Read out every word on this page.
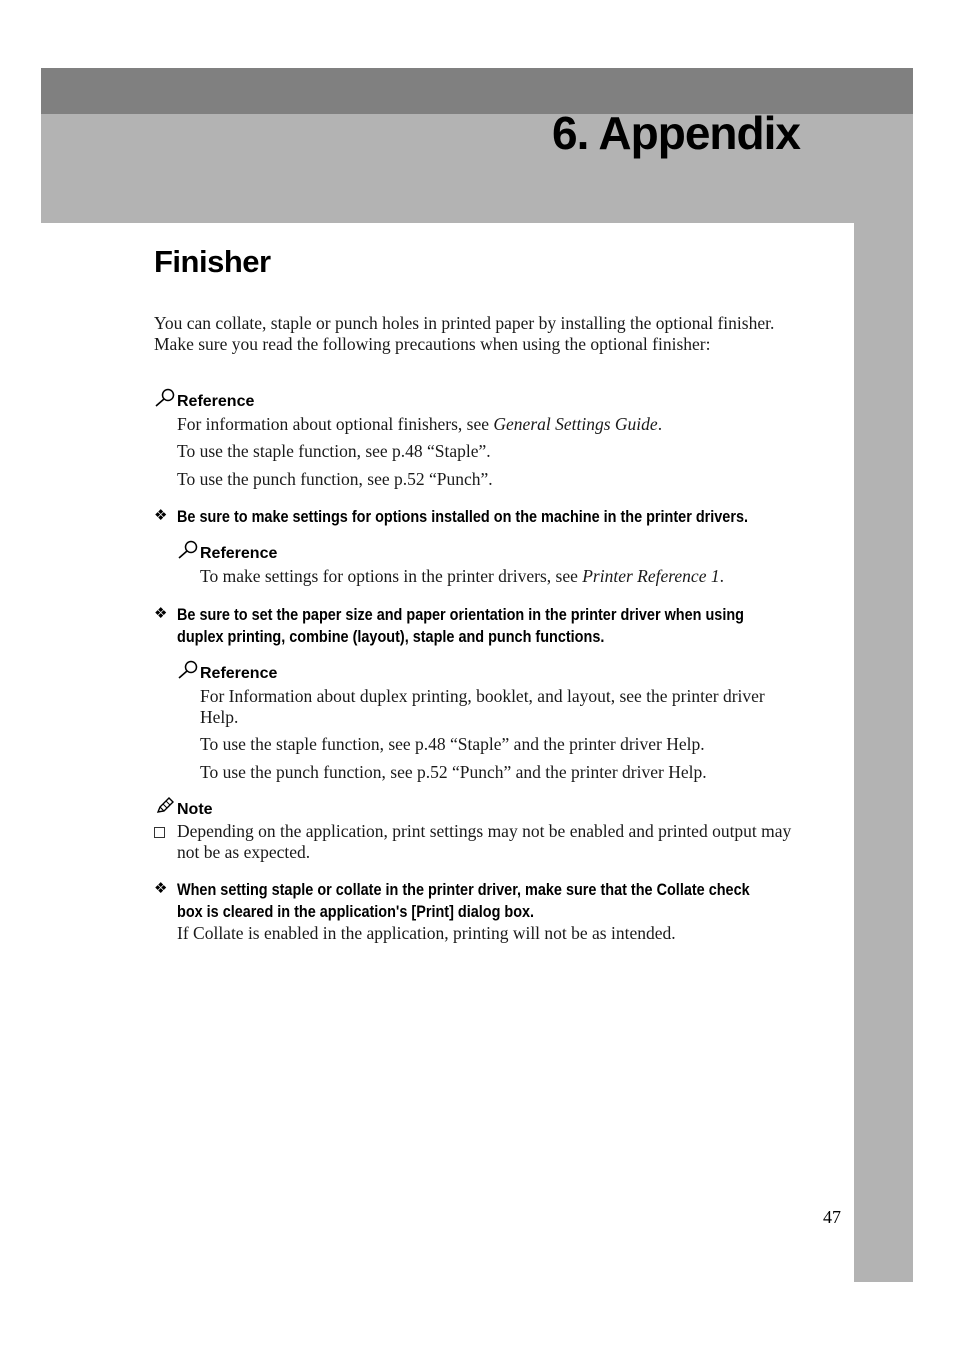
6. Appendix
Finisher

You can collate, staple or punch holes in printed paper by installing the optional finisher. Make sure you read the following precautions when using the optional finisher:

Reference

For information about optional finishers, see General Settings Guide.

To use the staple function, see p.48 “Staple”.

To use the punch function, see p.52 “Punch”.

❖ Be sure to make settings for options installed on the machine in the printer drivers.
Reference

To make settings for options in the printer drivers, see Printer Reference 1.

❖ Be sure to set the paper size and paper orientation in the printer driver when using
duplex printing, combine (layout), staple and punch functions.
Reference

For Information about duplex printing, booklet, and layout, see the printer driver Help.

To use the staple function, see p.48 “Staple” and the printer driver Help.

To use the punch function, see p.52 “Punch” and the printer driver Help.

Note

Depending on the application, print settings may not be enabled and printed output may not be as expected.

❖ When setting staple or collate in the printer driver, make sure that the Collate check
box is cleared in the application's [Print] dialog box.

If Collate is enabled in the application, printing will not be as intended.

47
